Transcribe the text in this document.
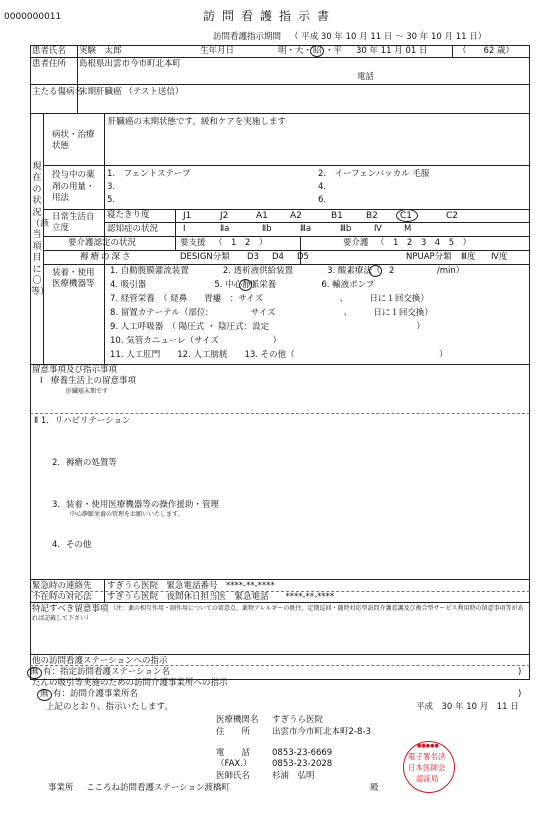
0000000011	訪問看護指示書
訪問看護指示期間 （ 平成 30 年 10 月 11 日 ～ 30 年 10 月 11 日）
患者氏名 実験　太郎	生年月日	明・大・ 昭 ・平 30 年 11 月 01 日	（　　62 歳）
患者住所 島根県出雲市今市町北本町
電話
主たる傷病名
末期肝臓癌 （テスト送信）
現在の状況（該当項目に〇等）
病状・治療状態
肝臓癌の末期状態です。緩和ケアを実施します
投与中の薬剤の用量・用法
1.　フェントステープ	2.　イーフェンバッカル 毛服
3.	4.
5.	6.
日常生活自立度
寝たきり度	J1	J2	A1 A2	B1	B2 C1	C2
認知症の状況	Ⅰ	Ⅱa	Ⅱb	Ⅲa	Ⅲb	Ⅳ	M
要介護認定の状況	要支援 （　1　2　）	要介護 （　1　2　3　4　5　）
褥瘡の深さ	DESIGN分類 D3 D4 D5	NPUAP分類 Ⅲ度 Ⅳ度
装着・使用医療機器等
1. 自動腹膜灌流装置　　　　2. 透析液供給装置　　　　3. 酸素療法（　2　　　　　/min）
4. 吸引器　　　　　　　　5. 中心静脈栄養　　　　　 6. 輸液ポンプ
7. 経管栄養　（ 経鼻　　胃瘻　：サイズ　　　　　　　　　、　　　日に１回交換）
8. 留置カテーテル（部位:　　　　　サイズ　　　　　　　　、　　　日に１回交換）
9. 人工呼吸器　（ 陽圧式 ・ 陰圧式：設定　　　　　　　　　　　　　　　　　 ）
10. 気管カニューレ（サイズ　　　　　　 ）
11. 人工肛門　　12. 人工膀胱　　13. その他（　　　　　　　　　　　　　　　　　）
留意事項及び指示事項
Ⅰ　療養生活上の留意事項
肝臓癌末期です
Ⅱ 1．リハビリテーション
2．褥瘡の処置等
3．装着・使用医療機器等の操作援助・管理
中心静脈栄養の管理をお願いいたします。
4．その他
緊急時の連絡先 すぎうら医院　緊急電話番号　****-**-****
不在時の対応法 すぎうら医院　夜間休日担当医　緊急電話　　****-**-****
特記すべき留意事項 （注：薬の相互作用・副作用についての留意点、薬物アレルギーの既往、定期巡回・随時対応型訪問介護看護及び複合型サービス利用時の留意事項等があれば記載して下さい）
他の訪問看護ステーションへの指示
無 有：指定訪問看護ステーション名	)
たんの吸引等実施のための訪問介護事業所への指示
無 有：訪問介護事業所名	)
上記のとおり、指示いたします。	平成　30 年 10 月　11 日
医療機関名 すぎうら医院
住　　所	出雲市今市町北本町2-8-3
電　　話	0853-23-6669
（FAX.） 0853-23-2028
医師氏名	杉浦　弘明
事業所 こころね訪問看護ステーション渡橋町	殿
●●●●●
電子署名済
日本医師会
認証局
